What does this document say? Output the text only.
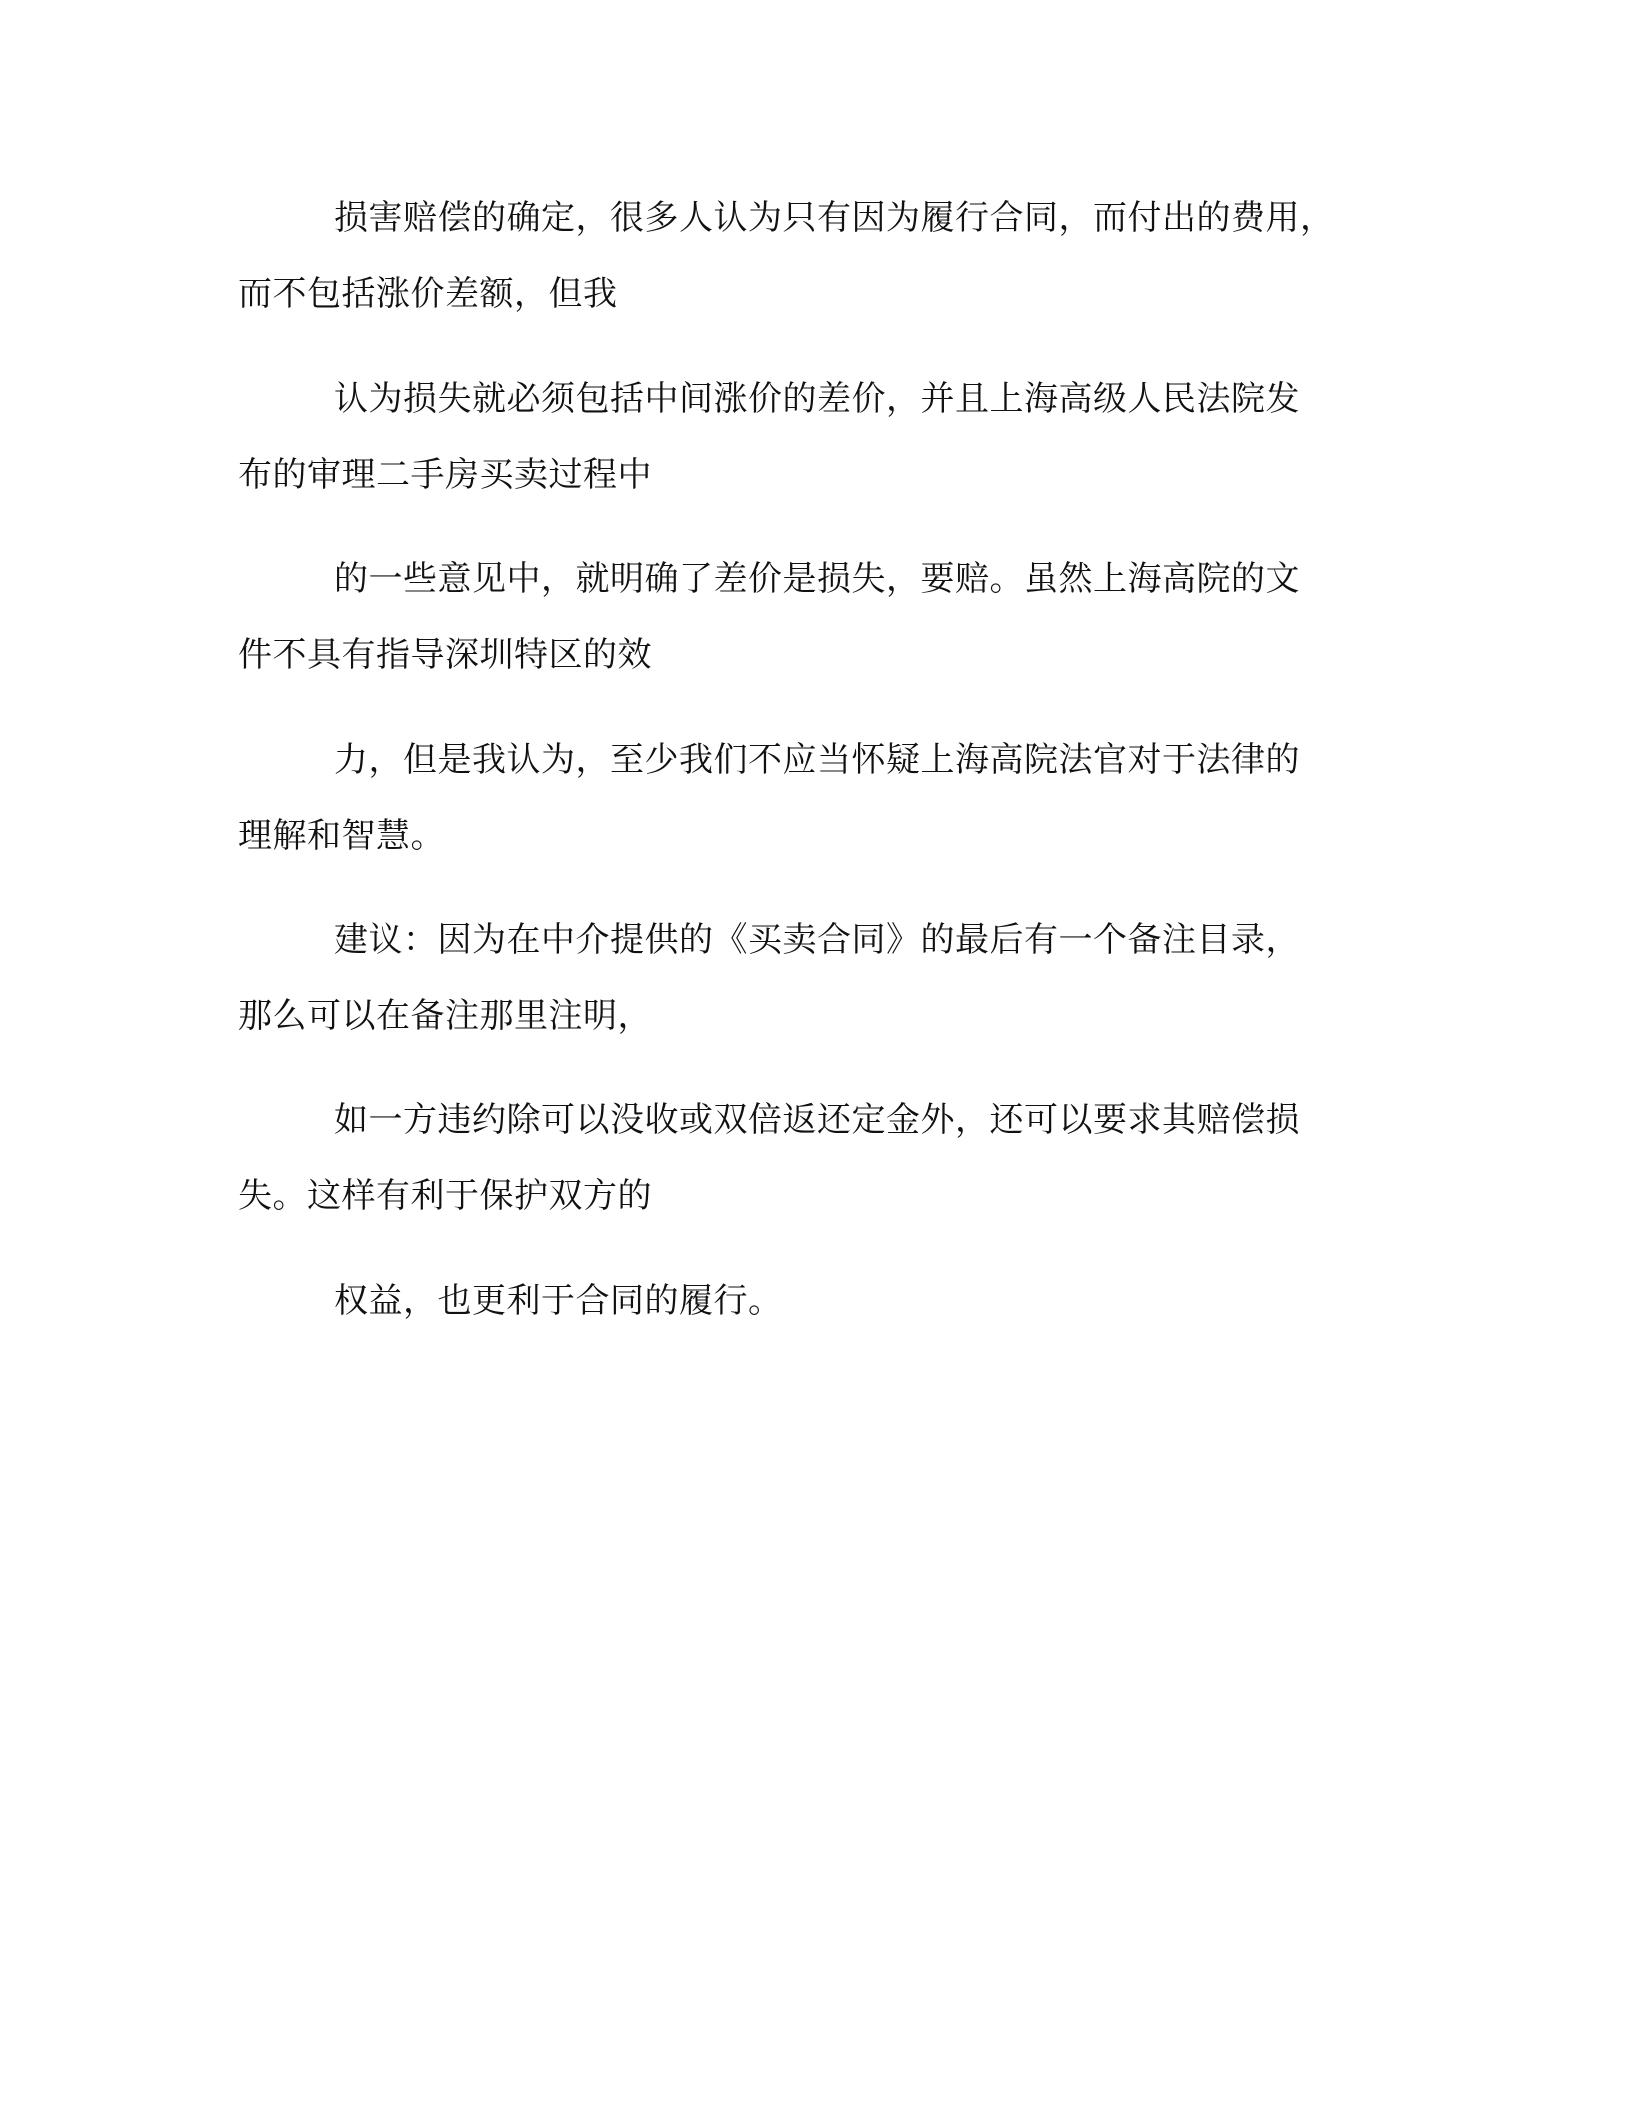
损害赔偿的确定，很多人认为只有因为履行合同，而付出的费用，
而不包括涨价差额，但我
认为损失就必须包括中间涨价的差价，并且上海高级人民法院发
布的审理二手房买卖过程中
的一些意见中，就明确了差价是损失，要赔。虽然上海高院的文
件不具有指导深圳特区的效
力，但是我认为，至少我们不应当怀疑上海高院法官对于法律的
理解和智慧。
建议：因为在中介提供的《买卖合同》的最后有一个备注目录，
那么可以在备注那里注明，
如一方违约除可以没收或双倍返还定金外，还可以要求其赔偿损
失。这样有利于保护双方的
权益，也更利于合同的履行。
